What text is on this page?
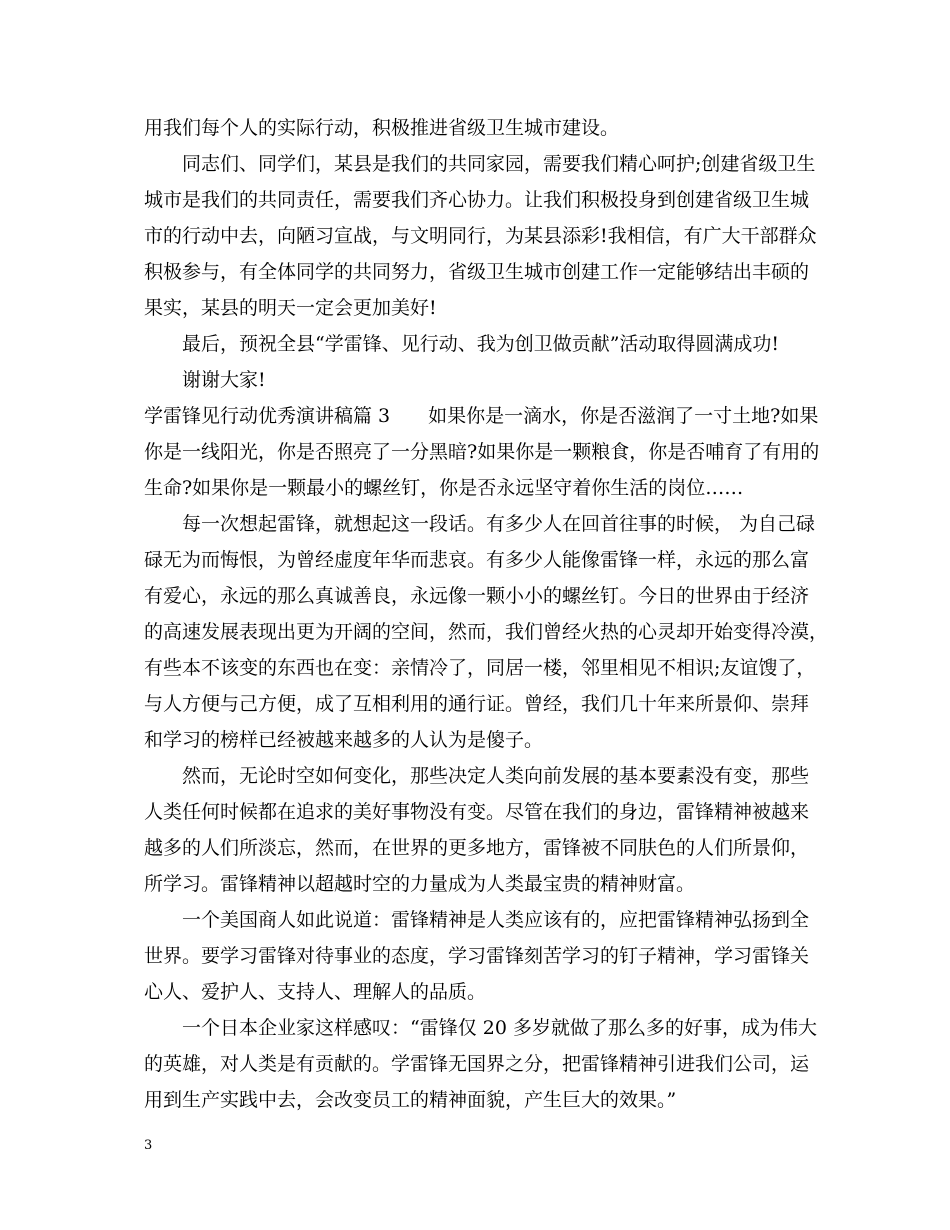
用我们每个人的实际行动，积极推进省级卫生城市建设。
　　同志们、同学们，某县是我们的共同家园，需要我们精心呵护;创建省级卫生
城市是我们的共同责任，需要我们齐心协力。让我们积极投身到创建省级卫生城
市的行动中去，向陋习宣战，与文明同行，为某县添彩!我相信，有广大干部群众
积极参与，有全体同学的共同努力，省级卫生城市创建工作一定能够结出丰硕的
果实，某县的明天一定会更加美好!
　　最后，预祝全县“学雷锋、见行动、我为创卫做贡献”活动取得圆满成功!
　　谢谢大家!
学雷锋见行动优秀演讲稿篇 3　　如果你是一滴水，你是否滋润了一寸土地?如果
你是一线阳光，你是否照亮了一分黑暗?如果你是一颗粮食，你是否哺育了有用的
生命?如果你是一颗最小的螺丝钉，你是否永远坚守着你生活的岗位……
　　每一次想起雷锋，就想起这一段话。有多少人在回首往事的时候， 为自己碌
碌无为而悔恨，为曾经虚度年华而悲哀。有多少人能像雷锋一样，永远的那么富
有爱心，永远的那么真诚善良，永远像一颗小小的螺丝钉。今日的世界由于经济
的高速发展表现出更为开阔的空间，然而，我们曾经火热的心灵却开始变得冷漠，
有些本不该变的东西也在变：亲情冷了，同居一楼，邻里相见不相识;友谊馊了，
与人方便与己方便，成了互相利用的通行证。曾经，我们几十年来所景仰、崇拜
和学习的榜样已经被越来越多的人认为是傻子。
　　然而，无论时空如何变化，那些决定人类向前发展的基本要素没有变，那些
人类任何时候都在追求的美好事物没有变。尽管在我们的身边，雷锋精神被越来
越多的人们所淡忘，然而，在世界的更多地方，雷锋被不同肤色的人们所景仰，
所学习。雷锋精神以超越时空的力量成为人类最宝贵的精神财富。
　　一个美国商人如此说道：雷锋精神是人类应该有的，应把雷锋精神弘扬到全
世界。要学习雷锋对待事业的态度，学习雷锋刻苦学习的钉子精神，学习雷锋关
心人、爱护人、支持人、理解人的品质。
　　一个日本企业家这样感叹：“雷锋仅 20 多岁就做了那么多的好事，成为伟大
的英雄，对人类是有贡献的。学雷锋无国界之分，把雷锋精神引进我们公司，运
用到生产实践中去，会改变员工的精神面貌，产生巨大的效果。”
3
